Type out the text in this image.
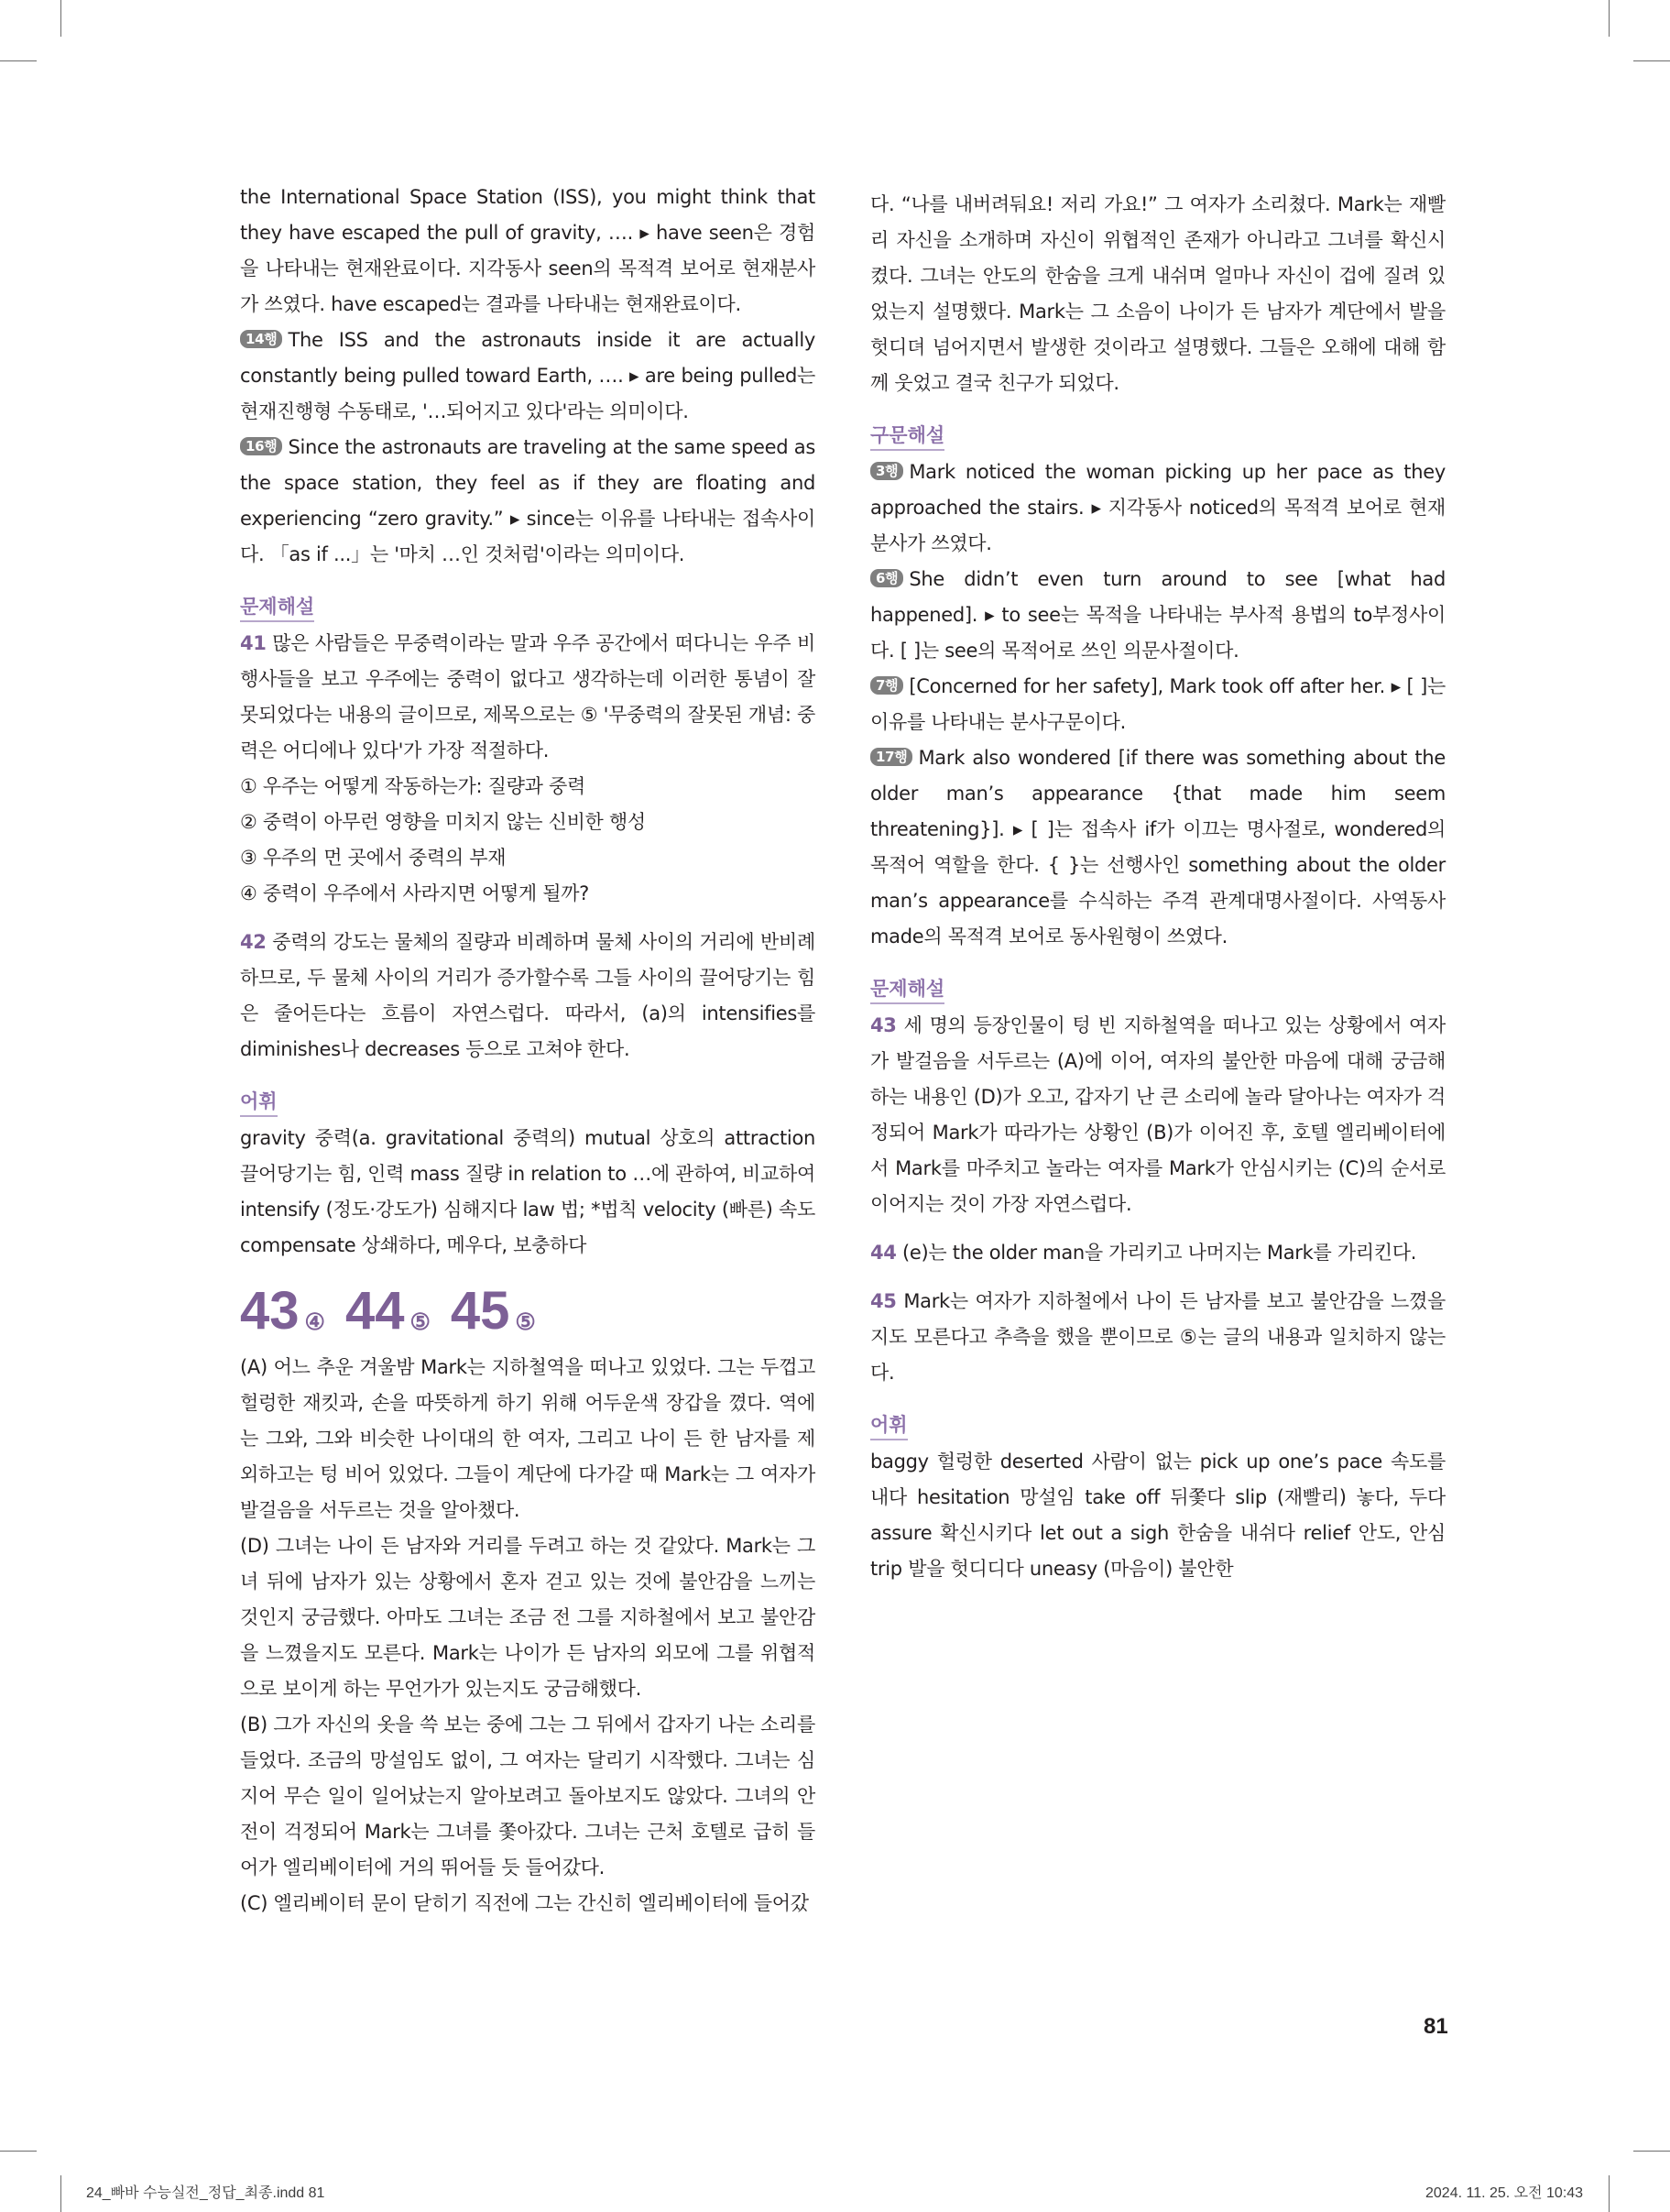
the International Space Station (ISS), you might think that they have escaped the pull of gravity, …. ▸ have seen은 경험을 나타내는 현재완료이다. 지각동사 seen의 목적격 보어로 현재분사가 쓰였다. have escaped는 결과를 나타내는 현재완료이다.

14행 The ISS and the astronauts inside it are actually constantly being pulled toward Earth, …. ▸ are being pulled는 현재진행형 수동태로, '…되어지고 있다'라는 의미이다.

16행 Since the astronauts are traveling at the same speed as the space station, they feel as if they are floating and experiencing “zero gravity.” ▸ since는 이유를 나타내는 접속사이다. 「as if ...」는 '마치 …인 것처럼'이라는 의미이다.

문제해설

41 많은 사람들은 무중력이라는 말과 우주 공간에서 떠다니는 우주 비행사들을 보고 우주에는 중력이 없다고 생각하는데 이러한 통념이 잘못되었다는 내용의 글이므로, 제목으로는 ⑤ '무중력의 잘못된 개념: 중력은 어디에나 있다'가 가장 적절하다.

① 우주는 어떻게 작동하는가: 질량과 중력

② 중력이 아무런 영향을 미치지 않는 신비한 행성

③ 우주의 먼 곳에서 중력의 부재

④ 중력이 우주에서 사라지면 어떻게 될까?

42 중력의 강도는 물체의 질량과 비례하며 물체 사이의 거리에 반비례하므로, 두 물체 사이의 거리가 증가할수록 그들 사이의 끌어당기는 힘은 줄어든다는 흐름이 자연스럽다. 따라서, (a)의 intensifies를 diminishes나 decreases 등으로 고쳐야 한다.

어휘

gravity 중력(a. gravitational 중력의) mutual 상호의 attraction 끌어당기는 힘, 인력 mass 질량 in relation to …에 관하여, 비교하여 intensify (정도·강도가) 심해지다 law 법; *법칙 velocity (빠른) 속도 compensate 상쇄하다, 메우다, 보충하다

43 ④ 44 ⑤ 45 ⑤

(A) 어느 추운 겨울밤 Mark는 지하철역을 떠나고 있었다. 그는 두껍고 헐렁한 재킷과, 손을 따뜻하게 하기 위해 어두운색 장갑을 꼈다. 역에는 그와, 그와 비슷한 나이대의 한 여자, 그리고 나이 든 한 남자를 제외하고는 텅 비어 있었다. 그들이 계단에 다가갈 때 Mark는 그 여자가 발걸음을 서두르는 것을 알아챘다.

(D) 그녀는 나이 든 남자와 거리를 두려고 하는 것 같았다. Mark는 그녀 뒤에 남자가 있는 상황에서 혼자 걷고 있는 것에 불안감을 느끼는 것인지 궁금했다. 아마도 그녀는 조금 전 그를 지하철에서 보고 불안감을 느꼈을지도 모른다. Mark는 나이가 든 남자의 외모에 그를 위협적으로 보이게 하는 무언가가 있는지도 궁금해했다.

(B) 그가 자신의 옷을 쓱 보는 중에 그는 그 뒤에서 갑자기 나는 소리를 들었다. 조금의 망설임도 없이, 그 여자는 달리기 시작했다. 그녀는 심지어 무슨 일이 일어났는지 알아보려고 돌아보지도 않았다. 그녀의 안전이 걱정되어 Mark는 그녀를 쫓아갔다. 그녀는 근처 호텔로 급히 들어가 엘리베이터에 거의 뛰어들 듯 들어갔다.

(C) 엘리베이터 문이 닫히기 직전에 그는 간신히 엘리베이터에 들어갔

다. “나를 내버려둬요! 저리 가요!” 그 여자가 소리쳤다. Mark는 재빨리 자신을 소개하며 자신이 위협적인 존재가 아니라고 그녀를 확신시켰다. 그녀는 안도의 한숨을 크게 내쉬며 얼마나 자신이 겁에 질려 있었는지 설명했다. Mark는 그 소음이 나이가 든 남자가 계단에서 발을 헛디뎌 넘어지면서 발생한 것이라고 설명했다. 그들은 오해에 대해 함께 웃었고 결국 친구가 되었다.

구문해설

3행 Mark noticed the woman picking up her pace as they approached the stairs. ▸ 지각동사 noticed의 목적격 보어로 현재분사가 쓰였다.

6행 She didn’t even turn around to see [what had happened]. ▸ to see는 목적을 나타내는 부사적 용법의 to부정사이다. [ ]는 see의 목적어로 쓰인 의문사절이다.

7행 [Concerned for her safety], Mark took off after her. ▸ [ ]는 이유를 나타내는 분사구문이다.

17행 Mark also wondered [if there was something about the older man’s appearance {that made him seem threatening}]. ▸ [ ]는 접속사 if가 이끄는 명사절로, wondered의 목적어 역할을 한다. { }는 선행사인 something about the older man’s appearance를 수식하는 주격 관계대명사절이다. 사역동사 made의 목적격 보어로 동사원형이 쓰였다.

문제해설

43 세 명의 등장인물이 텅 빈 지하철역을 떠나고 있는 상황에서 여자가 발걸음을 서두르는 (A)에 이어, 여자의 불안한 마음에 대해 궁금해하는 내용인 (D)가 오고, 갑자기 난 큰 소리에 놀라 달아나는 여자가 걱정되어 Mark가 따라가는 상황인 (B)가 이어진 후, 호텔 엘리베이터에서 Mark를 마주치고 놀라는 여자를 Mark가 안심시키는 (C)의 순서로 이어지는 것이 가장 자연스럽다.

44 (e)는 the older man을 가리키고 나머지는 Mark를 가리킨다.

45 Mark는 여자가 지하철에서 나이 든 남자를 보고 불안감을 느꼈을 지도 모른다고 추측을 했을 뿐이므로 ⑤는 글의 내용과 일치하지 않는다.

어휘

baggy 헐렁한 deserted 사람이 없는 pick up one’s pace 속도를 내다 hesitation 망설임 take off 뒤쫓다 slip (재빨리) 놓다, 두다 assure 확신시키다 let out a sigh 한숨을 내쉬다 relief 안도, 안심 trip 발을 헛디디다 uneasy (마음이) 불안한

81
24_빠바 수능실전_정답_최종.indd 81	2024. 11. 25. 오전 10:43
